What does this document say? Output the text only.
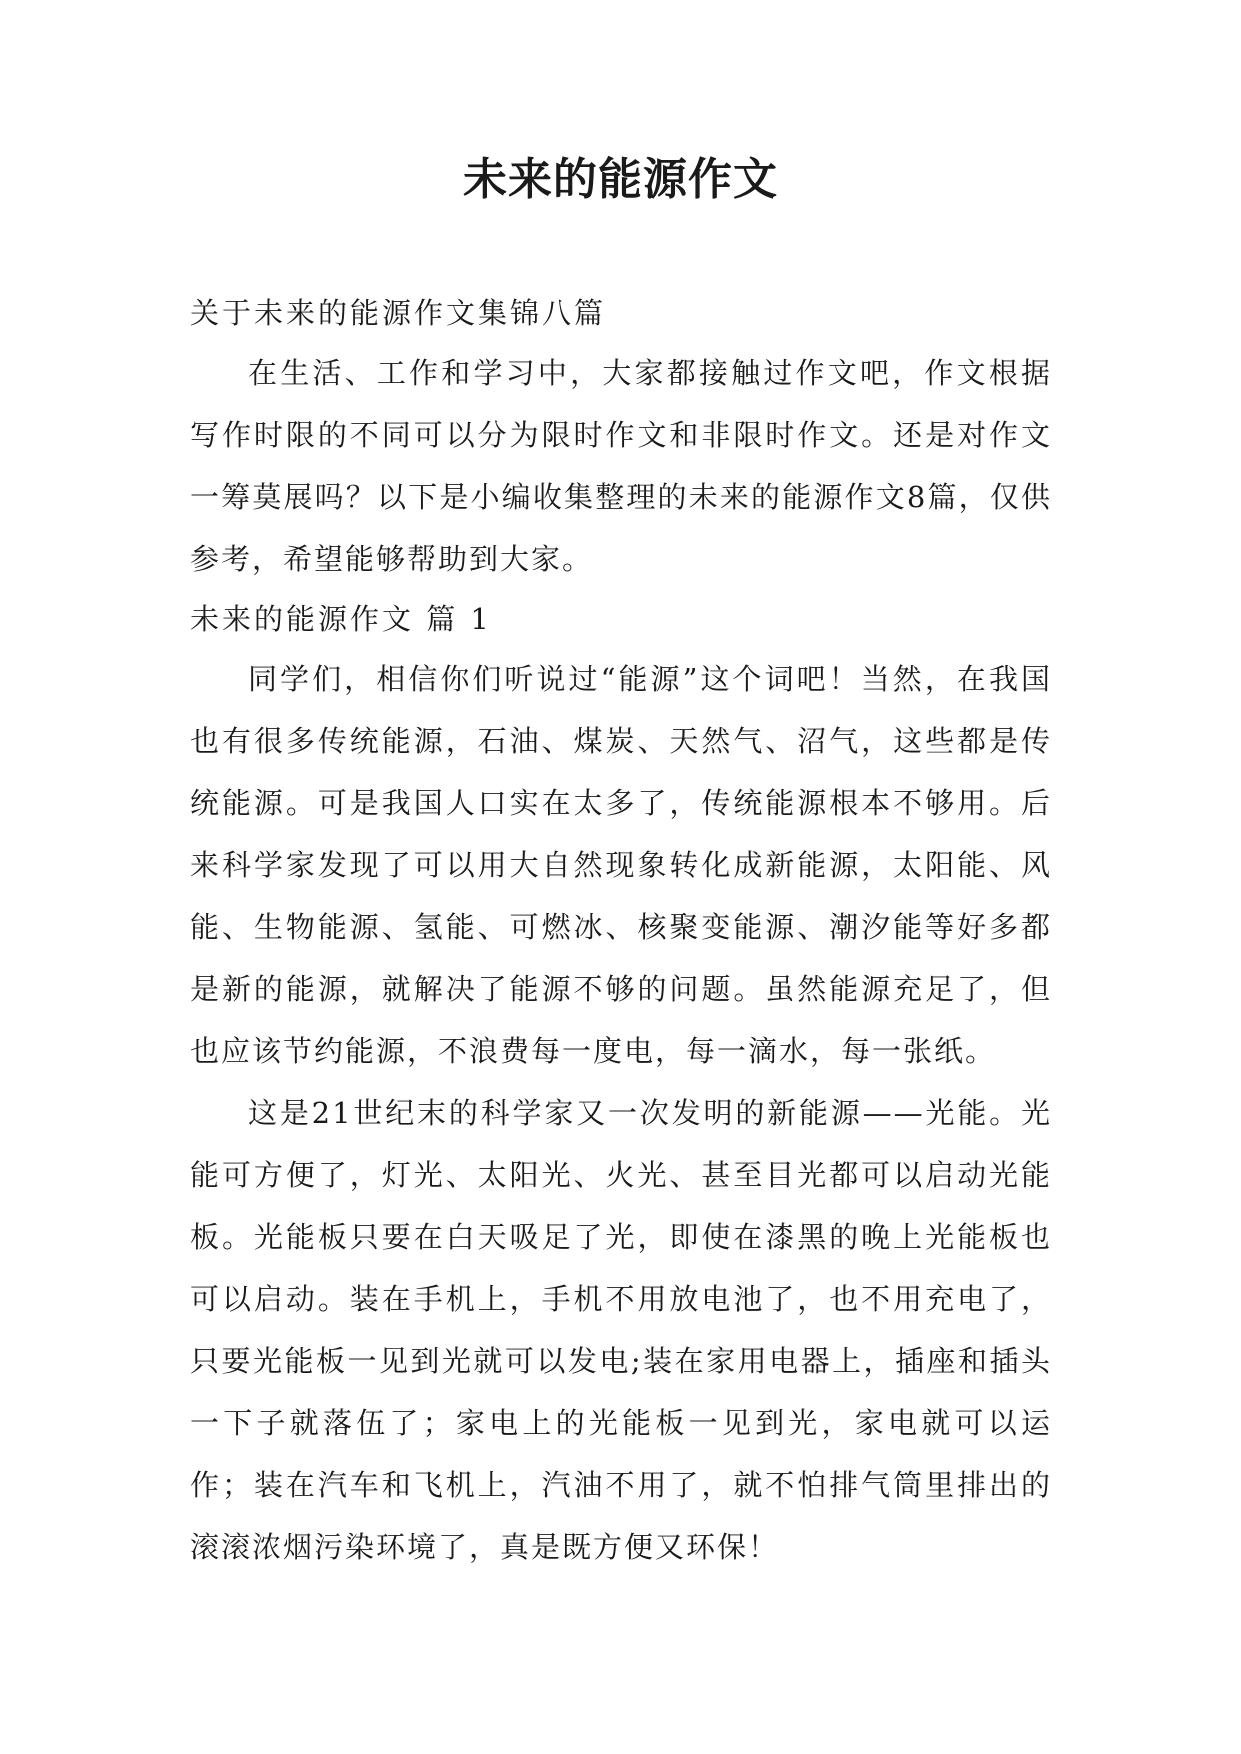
未来的能源作文

关于未来的能源作文集锦八篇

在生活、工作和学习中，大家都接触过作文吧，作文根据写作时限的不同可以分为限时作文和非限时作文。还是对作文一筹莫展吗？以下是小编收集整理的未来的能源作文8篇，仅供参考，希望能够帮助到大家。

未来的能源作文 篇 1

同学们，相信你们听说过“能源”这个词吧！当然，在我国也有很多传统能源，石油、煤炭、天然气、沼气，这些都是传统能源。可是我国人口实在太多了，传统能源根本不够用。后来科学家发现了可以用大自然现象转化成新能源，太阳能、风能、生物能源、氢能、可燃冰、核聚变能源、潮汐能等好多都是新的能源，就解决了能源不够的问题。虽然能源充足了，但也应该节约能源，不浪费每一度电，每一滴水，每一张纸。

这是21世纪末的科学家又一次发明的新能源——光能。光能可方便了，灯光、太阳光、火光、甚至目光都可以启动光能板。光能板只要在白天吸足了光，即使在漆黑的晚上光能板也可以启动。装在手机上，手机不用放电池了，也不用充电了，只要光能板一见到光就可以发电;装在家用电器上，插座和插头一下子就落伍了；家电上的光能板一见到光，家电就可以运作；装在汽车和飞机上，汽油不用了，就不怕排气筒里排出的滚滚浓烟污染环境了，真是既方便又环保！
